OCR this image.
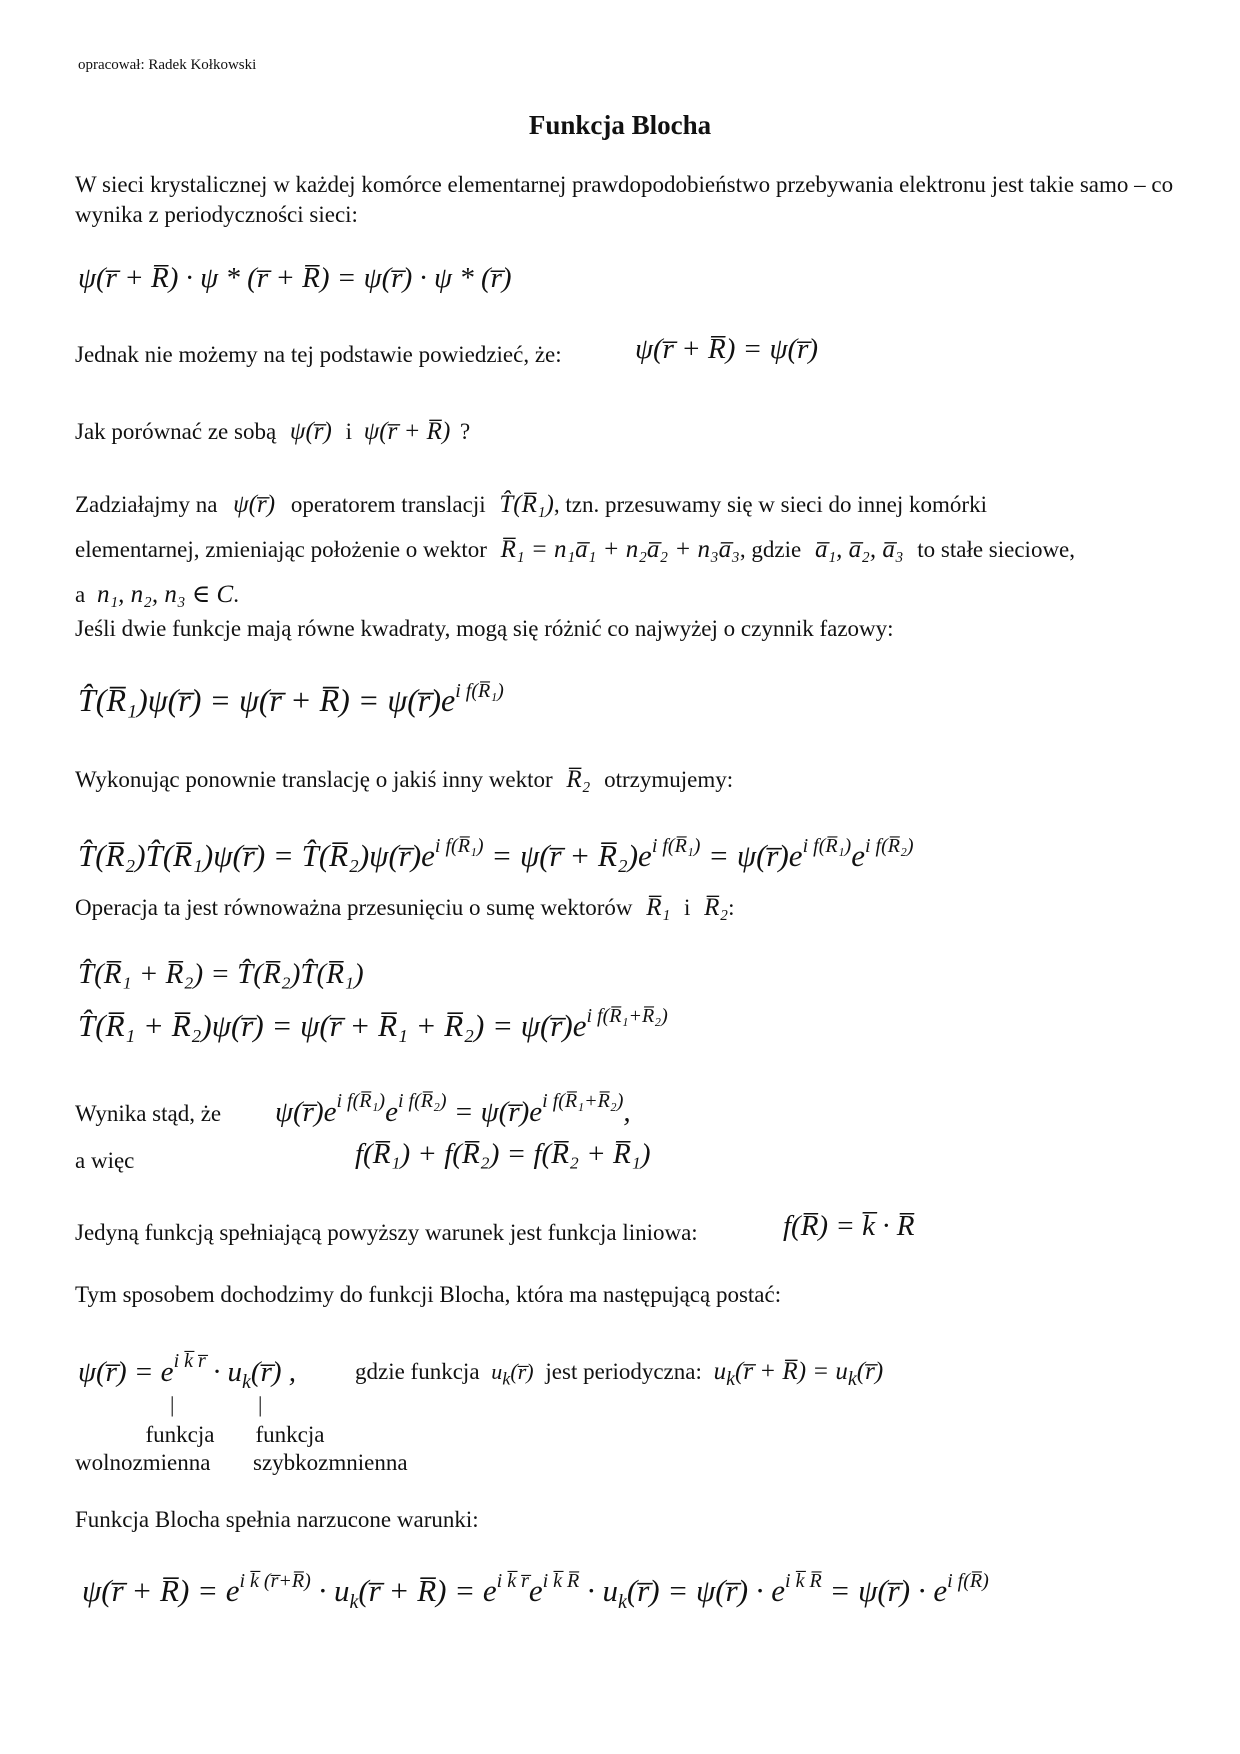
opracował: Radek Kołkowski
Funkcja Blocha
W sieci krystalicznej w każdej komórce elementarnej prawdopodobieństwo przebywania elektronu jest takie samo – co wynika z periodyczności sieci:
ψ(r̅ + R̅) · ψ * (r̅ + R̅) = ψ(r̅) · ψ * (r̅)
Jednak nie możemy na tej podstawie powiedzieć, że:	ψ(r̅ + R̅) = ψ(r̅)
Jak porównać ze sobą ψ(r̅) i ψ(r̅ + R̅) ?
Zadziałajmy na ψ(r̅) operatorem translacji T̂(R̅₁), tzn. przesuwamy się w sieci do innej komórki
elementarnej, zmieniając położenie o wektor R̅₁ = n₁a̅₁ + n₂a̅₂ + n₃a̅₃, gdzie a̅₁, a̅₂, a̅₃ to stałe sieciowe,
a n₁, n₂, n₃ ∈ C.
Jeśli dwie funkcje mają równe kwadraty, mogą się różnić co najwyżej o czynnik fazowy:
T̂(R̅₁)ψ(r̅) = ψ(r̅ + R̅) = $\psi(r̅)e^{i f(R̅_1)}$
Wykonując ponownie translację o jakiś inny wektor R̅₂ otrzymujemy:
T̂(R̅₂)T̂(R̅₁)ψ(r̅) = $T̂(R̅_2)\psi(r̅)e^{i f(R̅_1)}$ = ψ(r̅ + $R̅_2)e^{i f(R̅_1)}$ = $\psi(r̅)e^{i f(R̅_1)}e^{i f(R̅_2)}$
Operacja ta jest równoważna przesunięciu o sumę wektorów R̅₁ i R̅₂:
T̂(R̅₁ + R̅₂) = T̂(R̅₂)T̂(R̅₁)
T̂(R̅₁ + R̅₂)ψ(r̅) = ψ(r̅ + R̅₁ + R̅₂) = $\psi(r̅)e^{i f(R̅_1+R̅_2)}$
Wynika stąd, że $\psi(r̅)e^{i f(R̅_1)}e^{i f(R̅_2)}$ = $\psi(r̅)e^{i f(R̅_1+R̅_2)}$,
a więc	f(R̅₁) + f(R̅₂) = f(R̅₂ + R̅₁)
Jedyną funkcją spełniającą powyższy warunek jest funkcja liniowa:	f(R̅) = k̅ · R̅
Tym sposobem dochodzimy do funkcji Blocha, która ma następującą postać:
ψ(r̅) = $e^{i k̅ r̅}$ · $u_k(r̅)$ ,	gdzie funkcja $u_k(r̅)$ jest periodyczna: $u_k(r̅$ + R̅) = $u_k(r̅)$
|	|
funkcja
wolnozmienna
funkcja
szybkozmnienna
Funkcja Blocha spełnia narzucone warunki:
ψ(r̅ + R̅) = $e^{i k̅ (r̅+R̅)}$ · $u_k(r̅$ + R̅) = $e^{i k̅ r̅}e^{i k̅ R̅}$ · $u_k(r̅)$ = ψ(r̅) · $e^{i k̅ R̅}$ = ψ(r̅) · $e^{i f(R̅)}$
